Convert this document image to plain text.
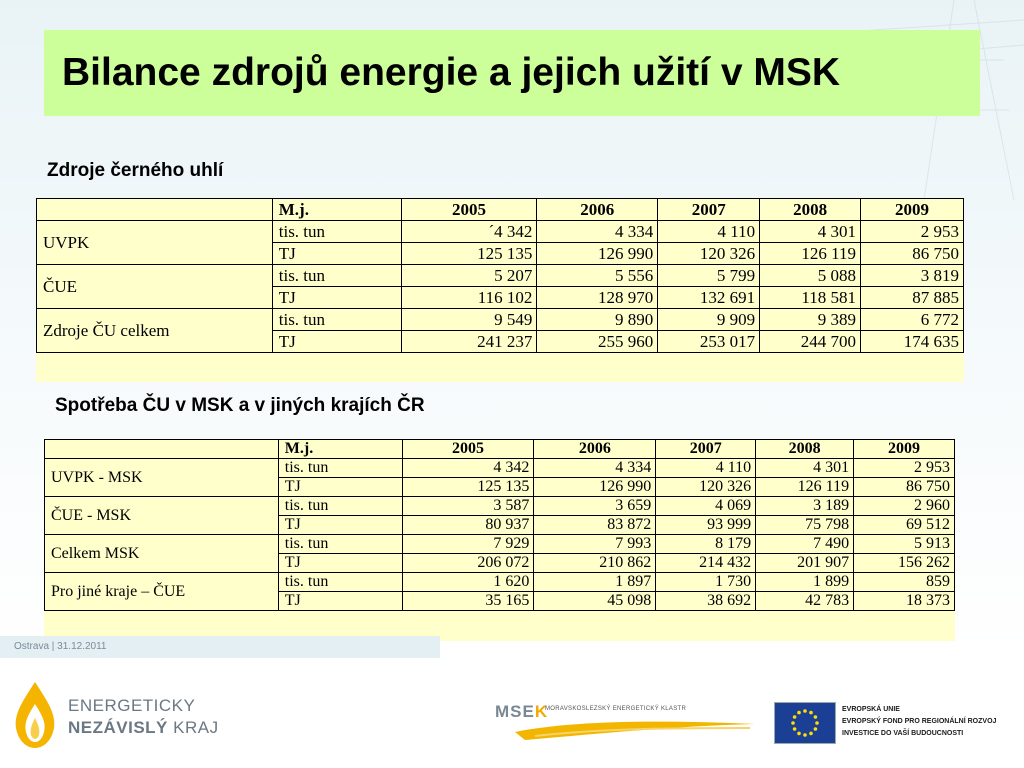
Bilance zdrojů energie a jejich užití v MSK
Zdroje černého uhlí
	M.j.	2005	2006	2007	2008	2009
UVPK	tis. tun	´4 342	4 334	4 110	4 301	2 953
	TJ	125 135	126 990	120 326	126 119	86 750
ČUE	tis. tun	5 207	5 556	5 799	5 088	3 819
	TJ	116 102	128 970	132 691	118 581	87 885
Zdroje ČU celkem	tis. tun	9 549	9 890	9 909	9 389	6 772
	TJ	241 237	255 960	253 017	244 700	174 635
Spotřeba ČU v MSK a v jiných krajích ČR
	M.j.	2005	2006	2007	2008	2009
UVPK - MSK	tis. tun	4 342	4 334	4 110	4 301	2 953
	TJ	125 135	126 990	120 326	126 119	86 750
ČUE - MSK	tis. tun	3 587	3 659	4 069	3 189	2 960
	TJ	80 937	83 872	93 999	75 798	69 512
Celkem MSK	tis. tun	7 929	7 993	8 179	7 490	5 913
	TJ	206 072	210 862	214 432	201 907	156 262
Pro jiné kraje – ČUE	tis. tun	1 620	1 897	1 730	1 899	859
	TJ	35 165	45 098	38 692	42 783	18 373
Ostrava | 31.12.2011
ENERGETICKY
NEZÁVISLÝ KRAJ
MSEK
MORAVSKOSLEZSKÝ ENERGETICKÝ KLASTR	EVROPSKÁ UNIE
EVROPSKÝ FOND PRO REGIONÁLNÍ ROZVOJ
INVESTICE DO VAŠÍ BUDOUCNOSTI
